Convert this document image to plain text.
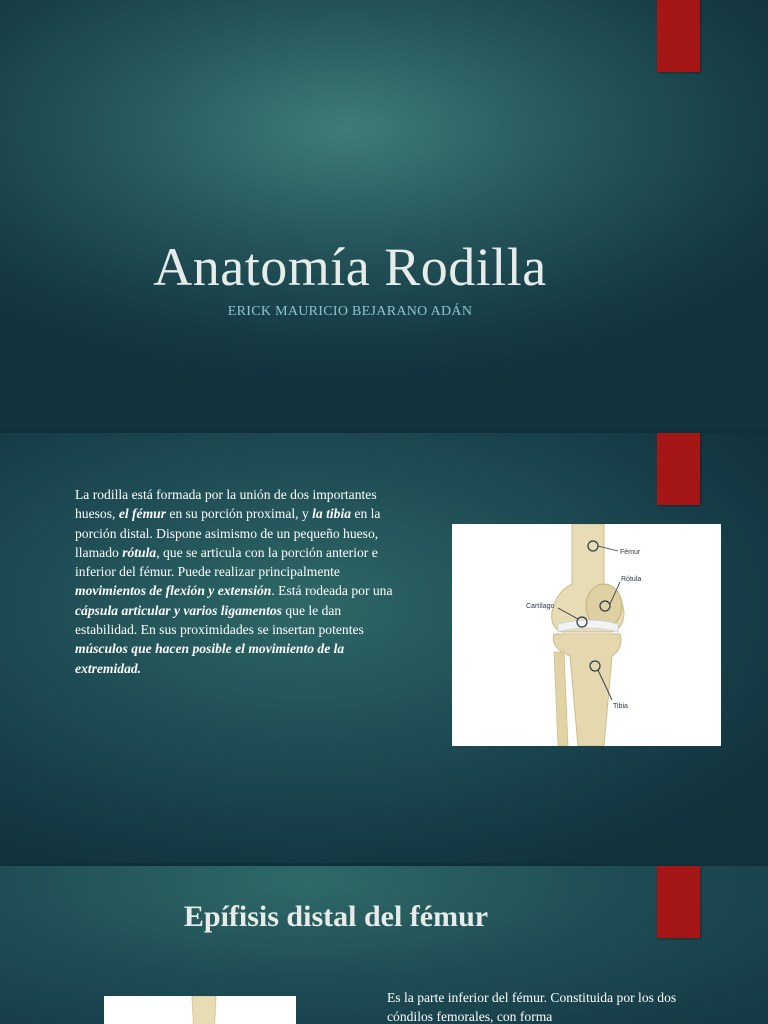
Anatomía Rodilla
ERICK MAURICIO BEJARANO ADÁN
La rodilla está formada por la unión de dos importantes huesos, el fémur en su porción proximal, y la tibia en la porción distal. Dispone asimismo de un pequeño hueso, llamado rótula, que se articula con la porción anterior e inferior del fémur. Puede realizar principalmente movimientos de flexión y extensión. Está rodeada por una cápsula articular y varios ligamentos que le dan estabilidad. En sus proximidades se insertan potentes músculos que hacen posible el movimiento de la extremidad.
Fémur
Rótula
Cartílago
Tibia
Epífisis distal del fémur
Es la parte inferior del fémur. Constituida por los dos cóndilos femorales, con forma
